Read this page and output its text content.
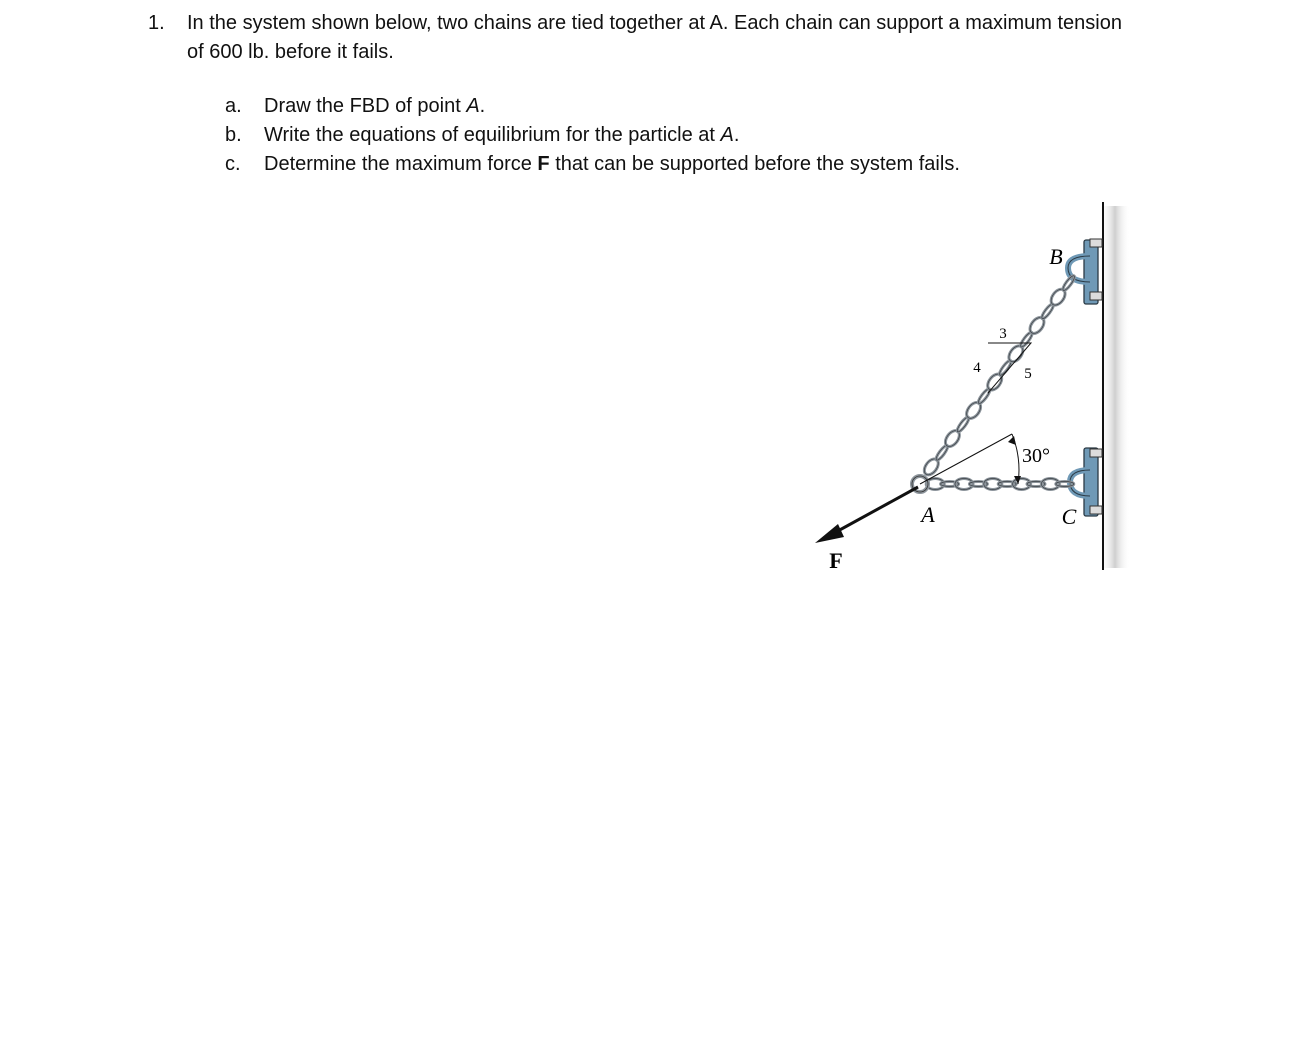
1. In the system shown below, two chains are tied together at A. Each chain can support a maximum tension of 600 lb. before it fails.
a.	Draw the FBD of point A.
b.	Write the equations of equilibrium for the particle at A.
c.	Determine the maximum force F that can be supported before the system fails.
3
4	5
30°
B
A	C
F
